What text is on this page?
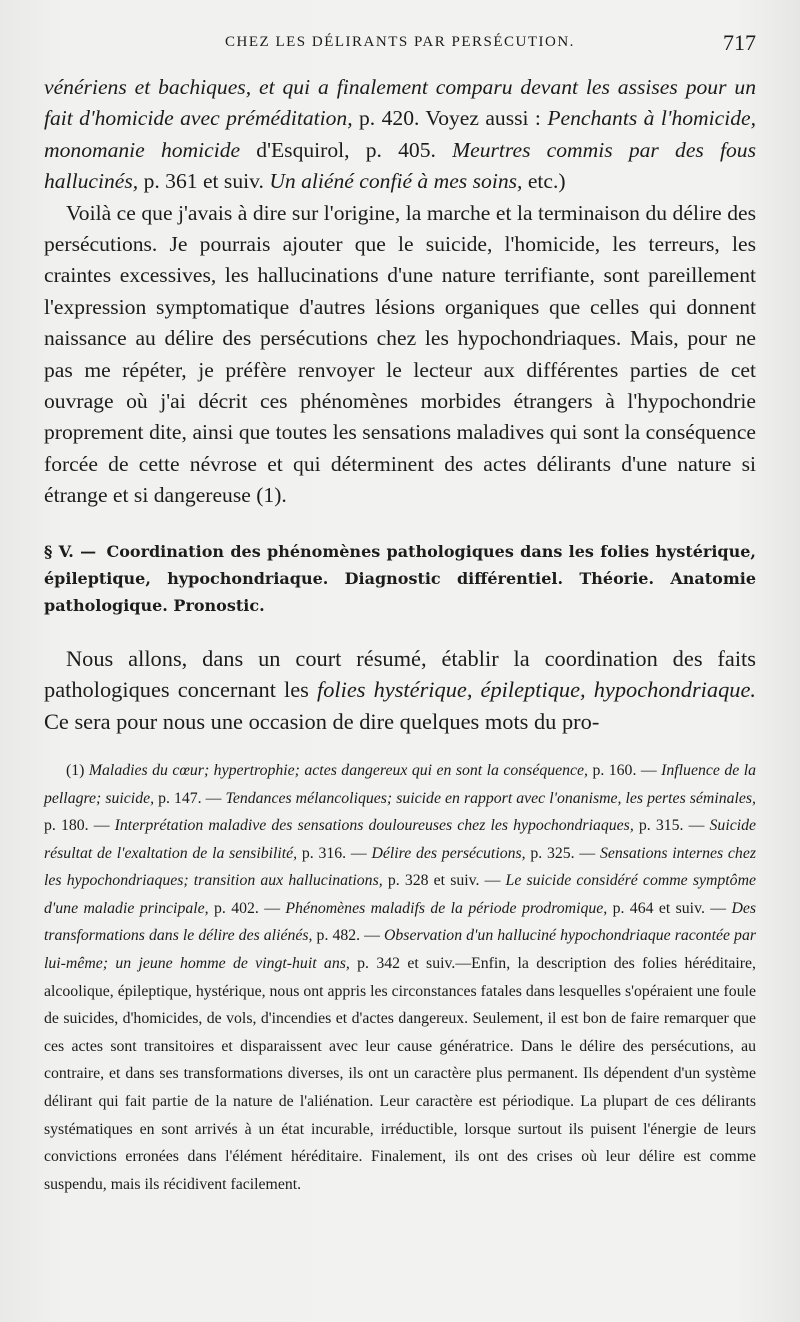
CHEZ LES DÉLIRANTS PAR PERSÉCUTION.	717

vénériens et bachiques, et qui a finalement comparu devant les assises pour un fait d'homicide avec préméditation, p. 420. Voyez aussi : Penchants à l'homicide, monomanie homicide d'Esquirol, p. 405. Meurtres commis par des fous hallucinés, p. 361 et suiv. Un aliéné confié à mes soins, etc.)

Voilà ce que j'avais à dire sur l'origine, la marche et la terminaison du délire des persécutions. Je pourrais ajouter que le suicide, l'homicide, les terreurs, les craintes excessives, les hallucinations d'une nature terrifiante, sont pareillement l'expression symptomatique d'autres lésions organiques que celles qui donnent naissance au délire des persécutions chez les hypochondriaques. Mais, pour ne pas me répéter, je préfère renvoyer le lecteur aux différentes parties de cet ouvrage où j'ai décrit ces phénomènes morbides étrangers à l'hypochondrie proprement dite, ainsi que toutes les sensations maladives qui sont la conséquence forcée de cette névrose et qui déterminent des actes délirants d'une nature si étrange et si dangereuse (1).

§ V. — Coordination des phénomènes pathologiques dans les folies hystérique, épileptique, hypochondriaque. Diagnostic différentiel. Théorie. Anatomie pathologique. Pronostic.

Nous allons, dans un court résumé, établir la coordination des faits pathologiques concernant les folies hystérique, épileptique, hypochondriaque. Ce sera pour nous une occasion de dire quelques mots du pro-

(1) Maladies du cœur; hypertrophie; actes dangereux qui en sont la conséquence, p. 160. — Influence de la pellagre; suicide, p. 147. — Tendances mélancoliques; suicide en rapport avec l'onanisme, les pertes séminales, p. 180. — Interprétation maladive des sensations douloureuses chez les hypochondriaques, p. 315. — Suicide résultat de l'exaltation de la sensibilité, p. 316. — Délire des persécutions, p. 325. — Sensations internes chez les hypochondriaques; transition aux hallucinations, p. 328 et suiv. — Le suicide considéré comme symptôme d'une maladie principale, p. 402. — Phénomènes maladifs de la période prodromique, p. 464 et suiv. — Des transformations dans le délire des aliénés, p. 482. — Observation d'un halluciné hypochondriaque racontée par lui-même; un jeune homme de vingt-huit ans, p. 342 et suiv.—Enfin, la description des folies héréditaire, alcoolique, épileptique, hystérique, nous ont appris les circonstances fatales dans lesquelles s'opéraient une foule de suicides, d'homicides, de vols, d'incendies et d'actes dangereux. Seulement, il est bon de faire remarquer que ces actes sont transitoires et disparaissent avec leur cause génératrice. Dans le délire des persécutions, au contraire, et dans ses transformations diverses, ils ont un caractère plus permanent. Ils dépendent d'un système délirant qui fait partie de la nature de l'aliénation. Leur caractère est périodique. La plupart de ces délirants systématiques en sont arrivés à un état incurable, irréductible, lorsque surtout ils puisent l'énergie de leurs convictions erronées dans l'élément héréditaire. Finalement, ils ont des crises où leur délire est comme suspendu, mais ils récidivent facilement.
